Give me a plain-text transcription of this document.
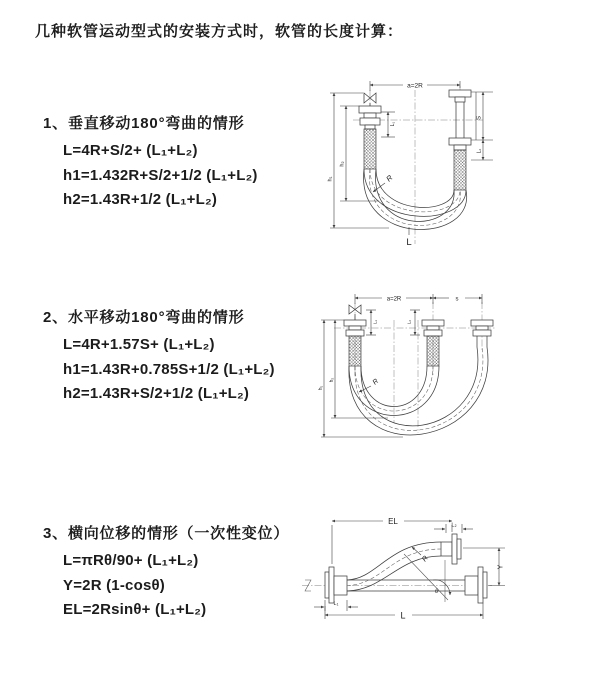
几种软管运动型式的安装方式时，软管的长度计算：
1、垂直移动180°弯曲的情形
L=4R+S/2+ (L₁+L₂)
h1=1.432R+S/2+1/2 (L₁+L₂)
h2=1.43R+1/2 (L₁+L₂)
2、水平移动180°弯曲的情形
L=4R+1.57S+ (L₁+L₂)
h1=1.43R+0.785S+1/2 (L₁+L₂)
h2=1.43R+S/2+1/2 (L₁+L₂)
3、横向位移的情形（一次性变位）
L=πRθ/90+ (L₁+L₂)
Y=2R (1-cosθ)
EL=2Rsinθ+ (L₁+L₂)
a=2R
h₁
h₂
L₁
S
L₂
R
L
a=2R	s
h₁
h₂
L₁	L₂
R
θ
EL	L₂
L₁
Y
L
R
